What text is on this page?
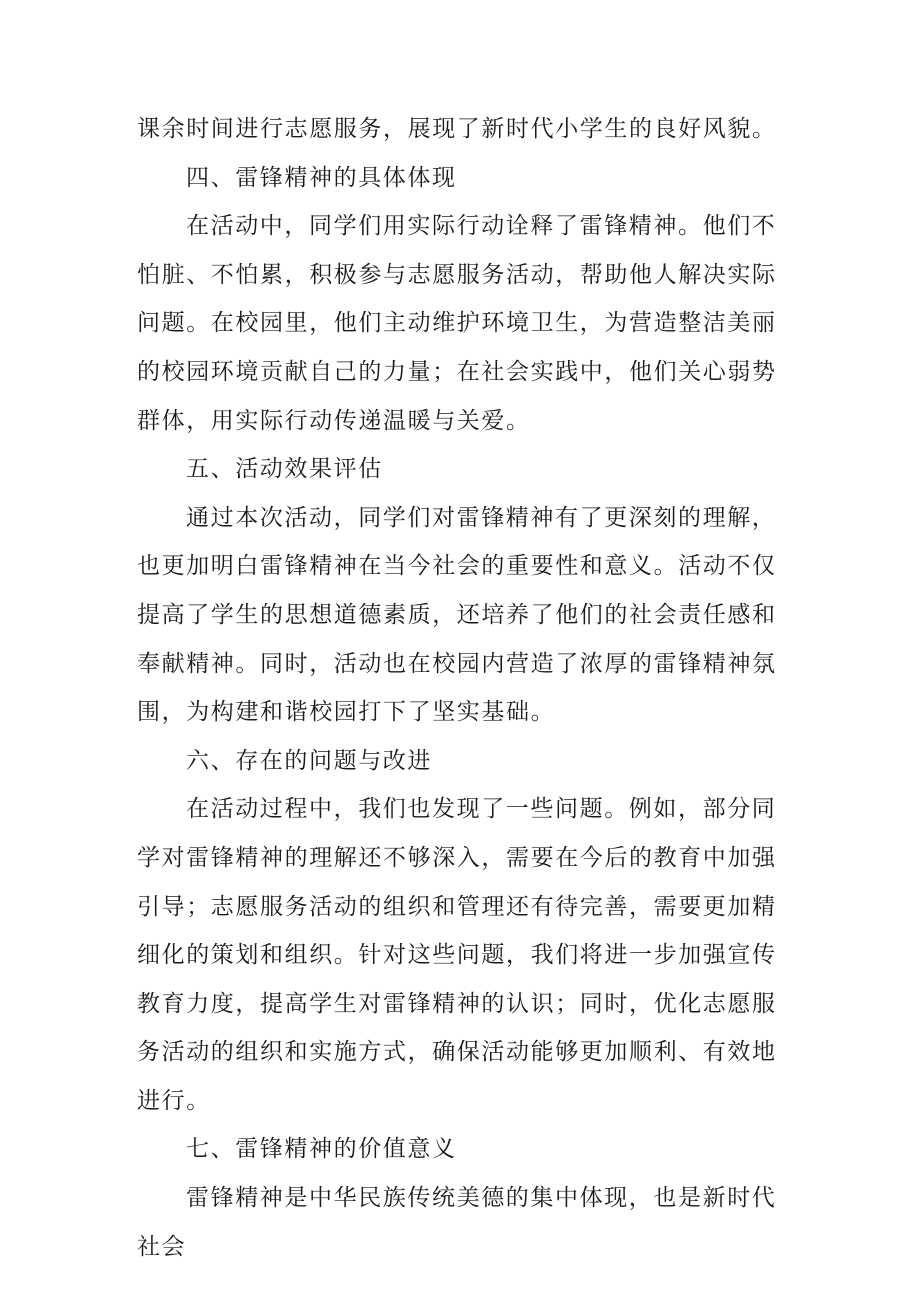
课余时间进行志愿服务，展现了新时代小学生的良好风貌。

四、雷锋精神的具体体现

在活动中，同学们用实际行动诠释了雷锋精神。他们不怕脏、不怕累，积极参与志愿服务活动，帮助他人解决实际问题。在校园里，他们主动维护环境卫生，为营造整洁美丽的校园环境贡献自己的力量；在社会实践中，他们关心弱势群体，用实际行动传递温暖与关爱。

五、活动效果评估

通过本次活动，同学们对雷锋精神有了更深刻的理解，也更加明白雷锋精神在当今社会的重要性和意义。活动不仅提高了学生的思想道德素质，还培养了他们的社会责任感和奉献精神。同时，活动也在校园内营造了浓厚的雷锋精神氛围，为构建和谐校园打下了坚实基础。

六、存在的问题与改进

在活动过程中，我们也发现了一些问题。例如，部分同学对雷锋精神的理解还不够深入，需要在今后的教育中加强引导；志愿服务活动的组织和管理还有待完善，需要更加精细化的策划和组织。针对这些问题，我们将进一步加强宣传教育力度，提高学生对雷锋精神的认识；同时，优化志愿服务活动的组织和实施方式，确保活动能够更加顺利、有效地进行。

七、雷锋精神的价值意义

雷锋精神是中华民族传统美德的集中体现，也是新时代社会
